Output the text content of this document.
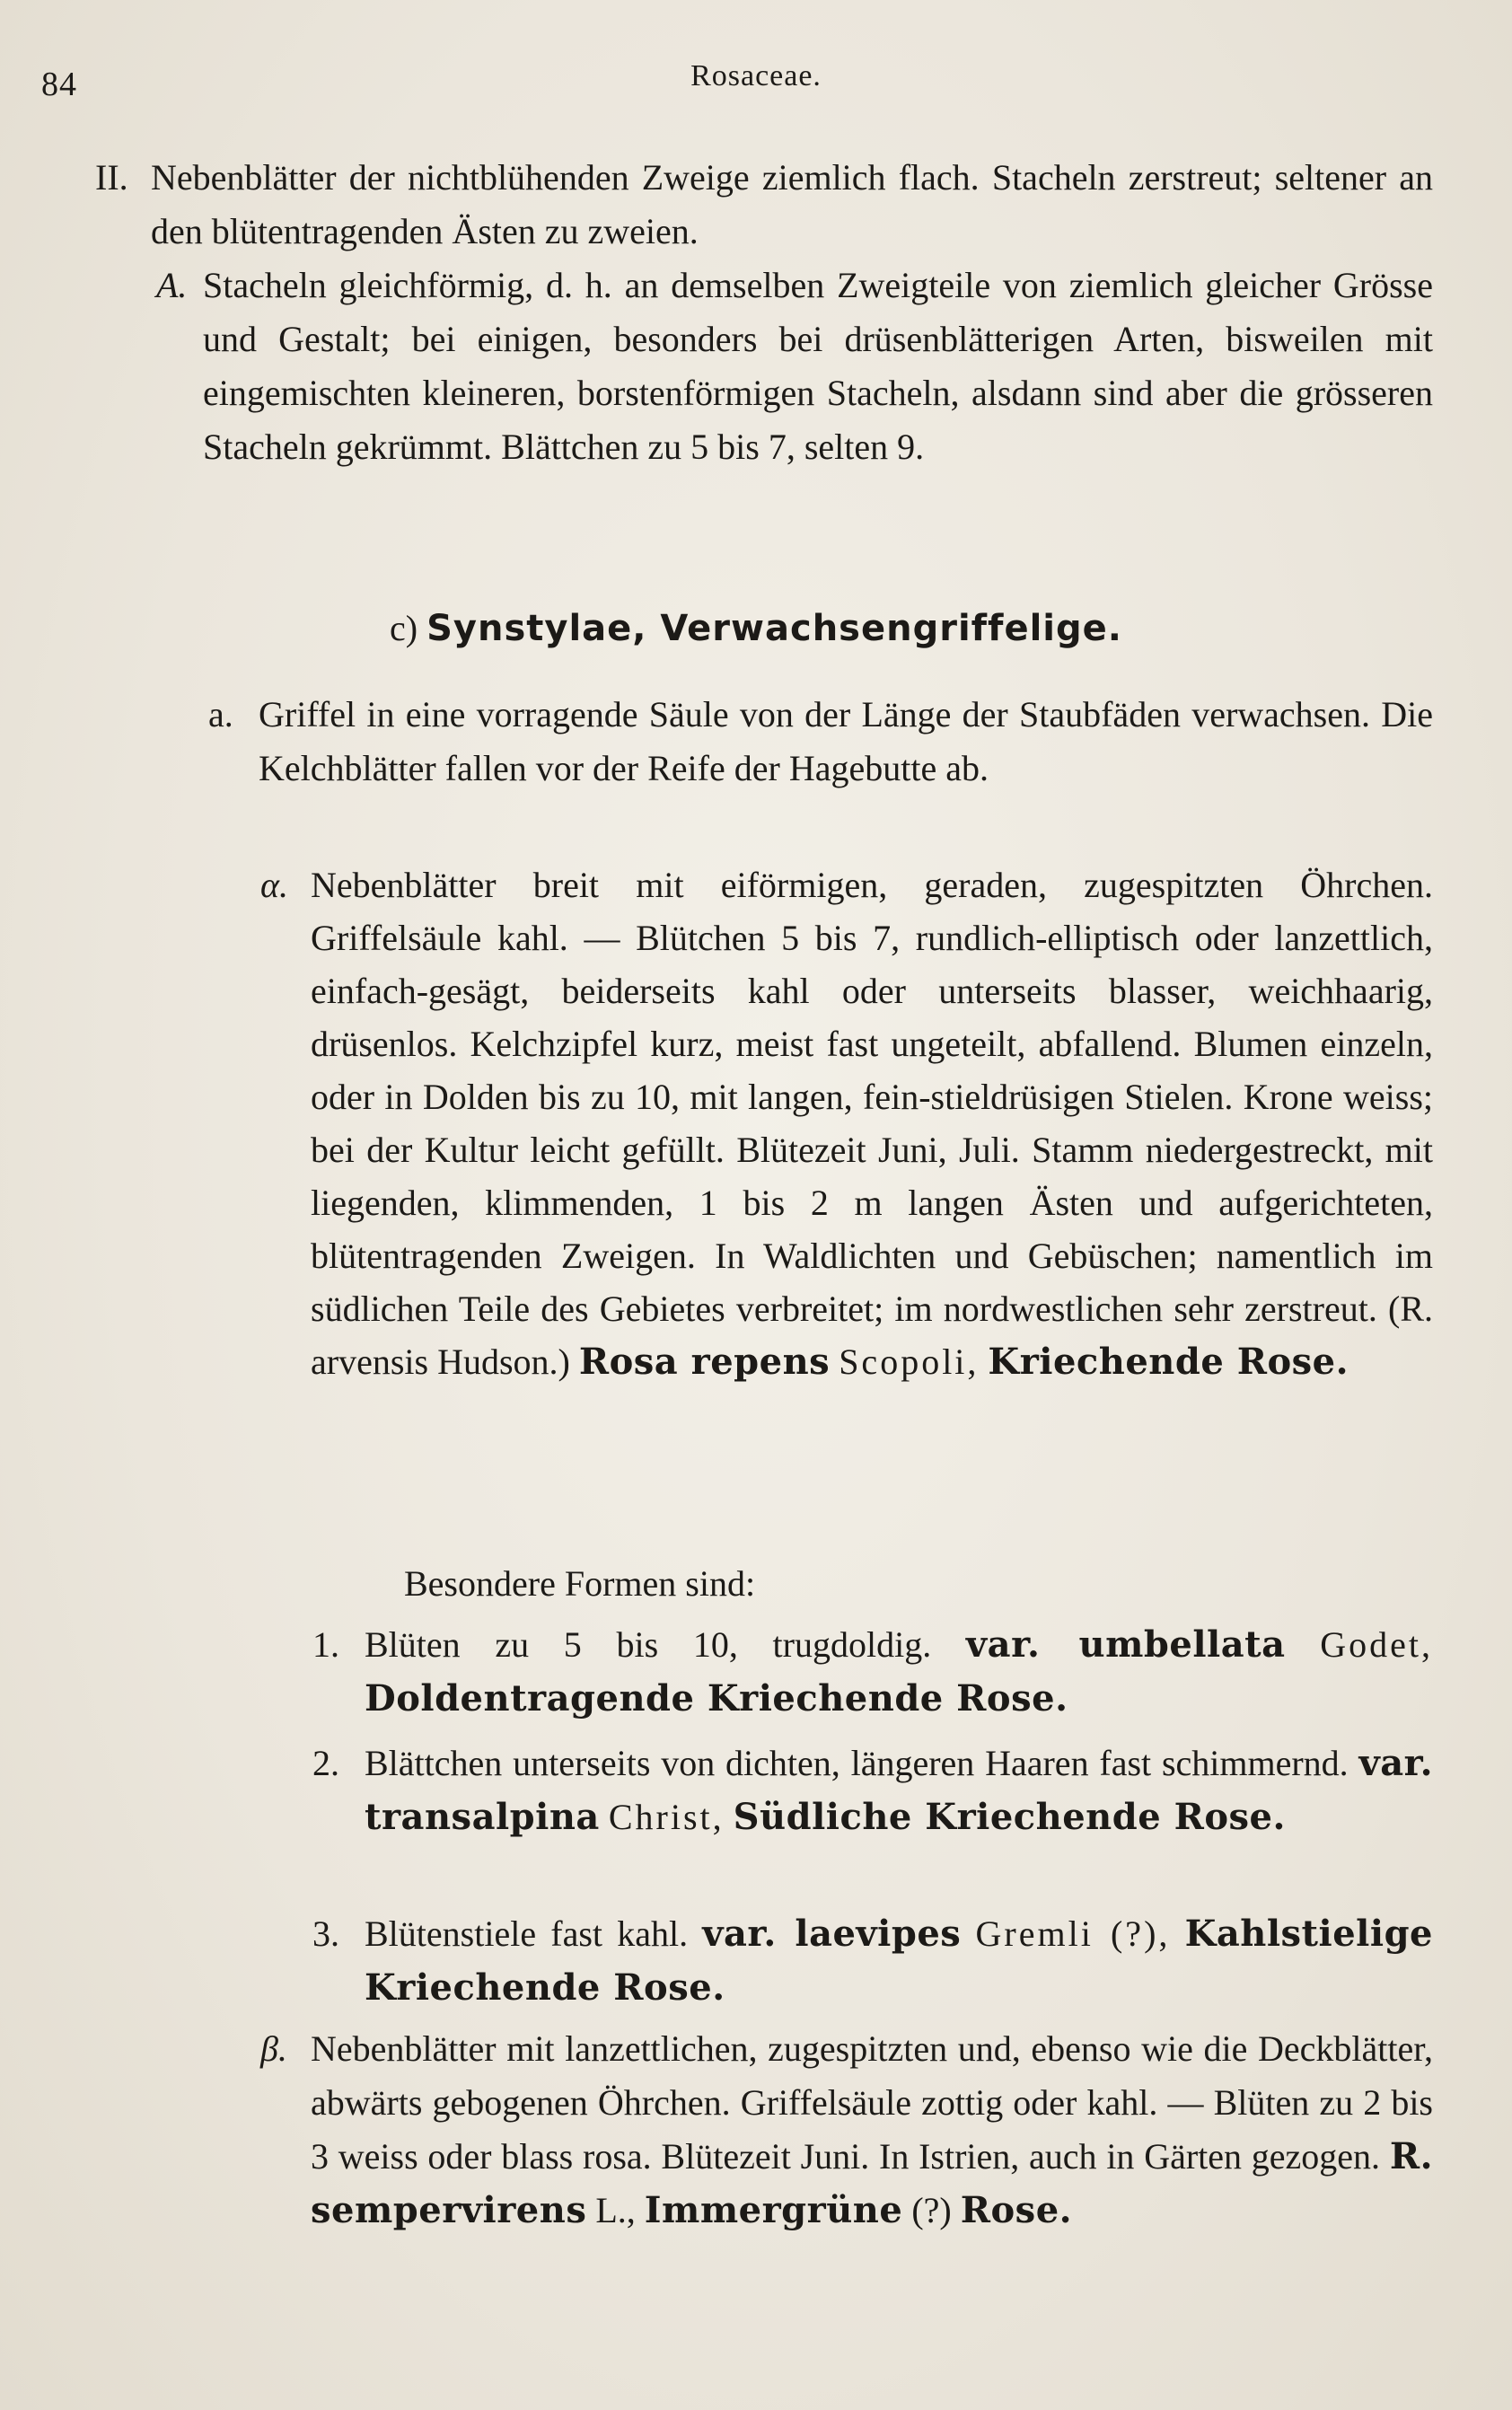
84	Rosaceae.
II. Nebenblätter der nichtblühenden Zweige ziemlich flach. Stacheln zerstreut; seltener an den blütentragenden Ästen zu zweien.
A. Stacheln gleichförmig, d. h. an demselben Zweigteile von ziemlich gleicher Grösse und Gestalt; bei einigen, besonders bei drüsenblätterigen Arten, bisweilen mit eingemischten kleineren, borstenförmigen Stacheln, alsdann sind aber die grösseren Stacheln gekrümmt. Blättchen zu 5 bis 7, selten 9.
c) Synstylae, Verwachsengriffelige.
a. Griffel in eine vorragende Säule von der Länge der Staubfäden verwachsen. Die Kelchblätter fallen vor der Reife der Hagebutte ab.
α. Nebenblätter breit mit eiförmigen, geraden, zugespitzten Öhrchen. Griffelsäule kahl. — Blütchen 5 bis 7, rundlich-elliptisch oder lanzettlich, einfach-gesägt, beiderseits kahl oder unterseits blasser, weichhaarig, drüsenlos. Kelchzipfel kurz, meist fast ungeteilt, abfallend. Blumen einzeln, oder in Dolden bis zu 10, mit langen, fein-stieldrüsigen Stielen. Krone weiss; bei der Kultur leicht gefüllt. Blütezeit Juni, Juli. Stamm niedergestreckt, mit liegenden, klimmenden, 1 bis 2 m langen Ästen und aufgerichteten, blütentragenden Zweigen. In Waldlichten und Gebüschen; namentlich im südlichen Teile des Gebietes verbreitet; im nordwestlichen sehr zerstreut. (R. arvensis Hudson.) Rosa repens Scopoli, Kriechende Rose.
Besondere Formen sind:
1. Blüten zu 5 bis 10, trugdoldig. var. umbellata Godet, Doldentragende Kriechende Rose.
2. Blättchen unterseits von dichten, längeren Haaren fast schimmernd. var. transalpina Christ, Südliche Kriechende Rose.
3. Blütenstiele fast kahl. var. laevipes Gremli (?), Kahlstielige Kriechende Rose.
β. Nebenblätter mit lanzettlichen, zugespitzten und, ebenso wie die Deckblätter, abwärts gebogenen Öhrchen. Griffelsäule zottig oder kahl. — Blüten zu 2 bis 3 weiss oder blass rosa. Blütezeit Juni. In Istrien, auch in Gärten gezogen. R. sempervirens L., Immergrüne (?) Rose.
